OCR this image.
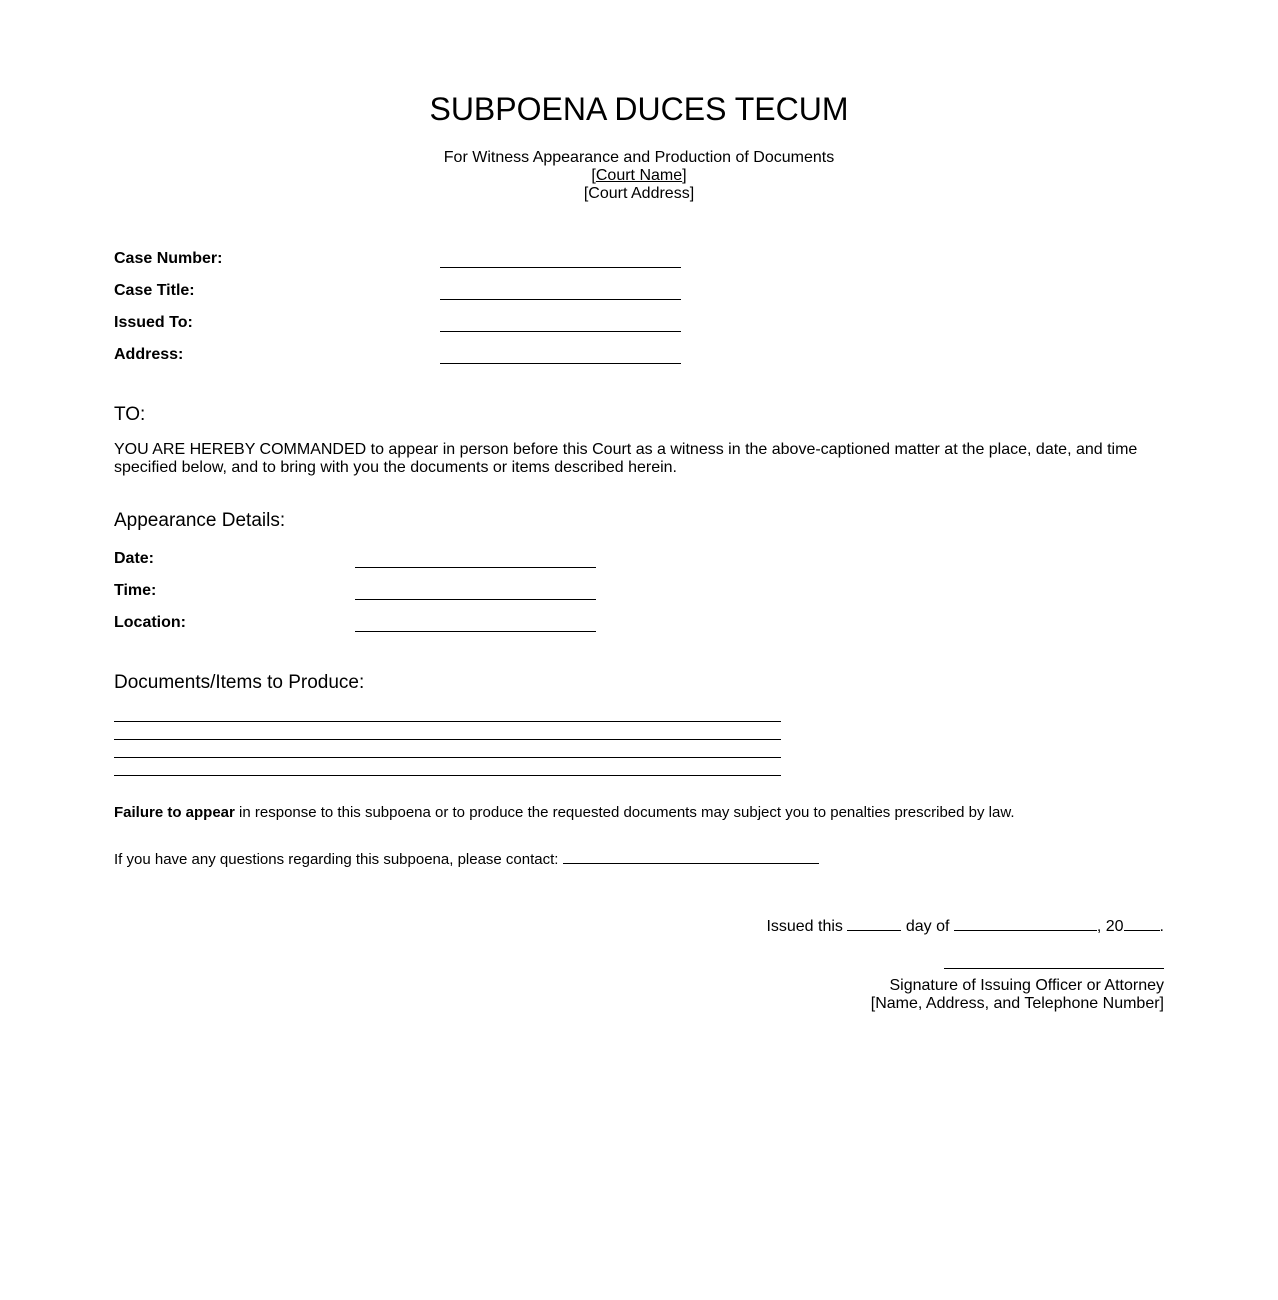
SUBPOENA DUCES TECUM
For Witness Appearance and Production of Documents
[Court Name]
[Court Address]
Case Number:
Case Title:
Issued To:
Address:
TO:
YOU ARE HEREBY COMMANDED to appear in person before this Court as a witness in the above-captioned matter at the place, date, and time specified below, and to bring with you the documents or items described herein.
Appearance Details:
Date:
Time:
Location:
Documents/Items to Produce:
Failure to appear in response to this subpoena or to produce the requested documents may subject you to penalties prescribed by law.
If you have any questions regarding this subpoena, please contact:
Issued this	day of	, 20 .
Signature of Issuing Officer or Attorney
[Name, Address, and Telephone Number]
